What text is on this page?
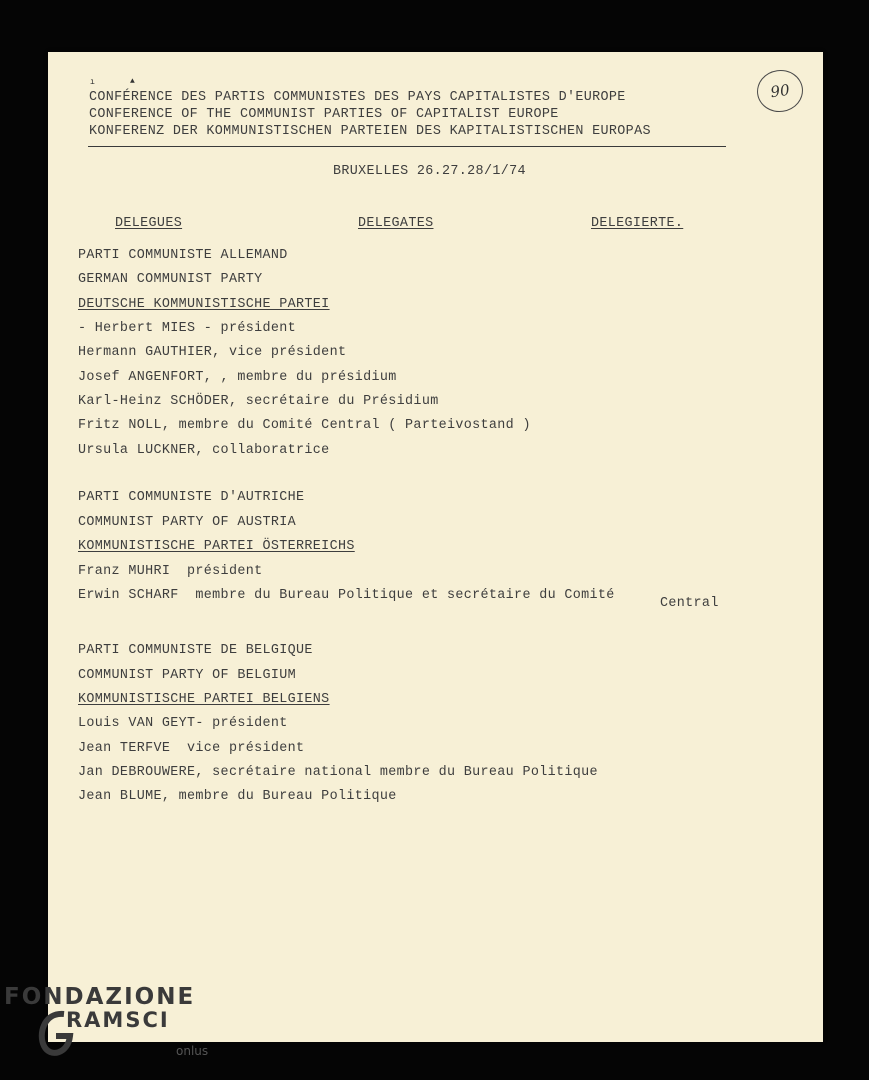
ı	▲	90
CONFÉRENCE DES PARTIS COMMUNISTES DES PAYS CAPITALISTES D'EUROPE
CONFERENCE OF THE COMMUNIST PARTIES OF CAPITALIST EUROPE
KONFERENZ DER KOMMUNISTISCHEN PARTEIEN DES KAPITALISTISCHEN EUROPAS
BRUXELLES 26.27.28/1/74
DELEGUES	DELEGATES	DELEGIERTE.
PARTI COMMUNISTE ALLEMAND
GERMAN COMMUNIST PARTY
DEUTSCHE KOMMUNISTISCHE PARTEI
- Herbert MIES - président
Hermann GAUTHIER, vice président
Josef ANGENFORT, , membre du présidium
Karl-Heinz SCHÖDER, secrétaire du Présidium
Fritz NOLL, membre du Comité Central ( Parteivostand )
Ursula LUCKNER, collaboratrice
PARTI COMMUNISTE D'AUTRICHE
COMMUNIST PARTY OF AUSTRIA
KOMMUNISTISCHE PARTEI ÖSTERREICHS
Franz MUHRI  président
Erwin SCHARF  membre du Bureau Politique et secrétaire du Comité
Central
PARTI COMMUNISTE DE BELGIQUE
COMMUNIST PARTY OF BELGIUM
KOMMUNISTISCHE PARTEI BELGIENS
Louis VAN GEYT- président
Jean TERFVE  vice président
Jan DEBROUWERE, secrétaire national membre du Bureau Politique
Jean BLUME, membre du Bureau Politique
FONDAZIONE
RAMSCI
onlus
